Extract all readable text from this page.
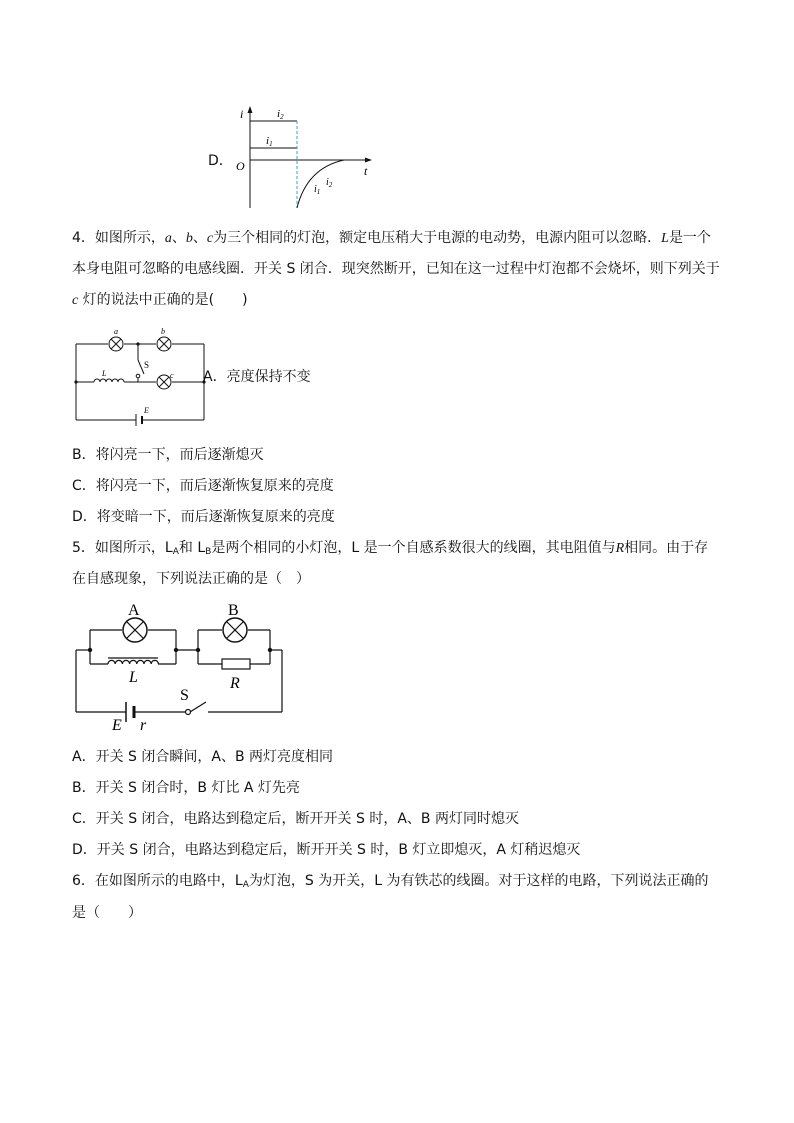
D．
i
t
O
i2
i1
$i_2$
$i_1$
4．如图所示，a、b、c为三个相同的灯泡，额定电压稍大于电源的电动势，电源内阻可以忽略．L是一个
本身电阻可忽略的电感线圈．开关 S 闭合．现突然断开，已知在这一过程中灯泡都不会烧坏，则下列关于
c 灯的说法中正确的是(　　)
a	b
c
S
L
E
A．亮度保持不变
B．将闪亮一下，而后逐渐熄灭
C．将闪亮一下，而后逐渐恢复原来的亮度
D．将变暗一下，而后逐渐恢复原来的亮度
5．如图所示，$L_A$和 $L_B$是两个相同的小灯泡，L 是一个自感系数很大的线圈，其电阻值与R相同。由于存
在自感现象，下列说法正确的是（　）
A	B
L	R
S
E r
A．开关 S 闭合瞬间，A、B 两灯亮度相同
B．开关 S 闭合时，B 灯比 A 灯先亮
C．开关 S 闭合，电路达到稳定后，断开开关 S 时，A、B 两灯同时熄灭
D．开关 S 闭合，电路达到稳定后，断开开关 S 时，B 灯立即熄灭，A 灯稍迟熄灭
6．在如图所示的电路中，$L_A$为灯泡，S 为开关，L 为有铁芯的线圈。对于这样的电路，下列说法正确的
是（　　）
